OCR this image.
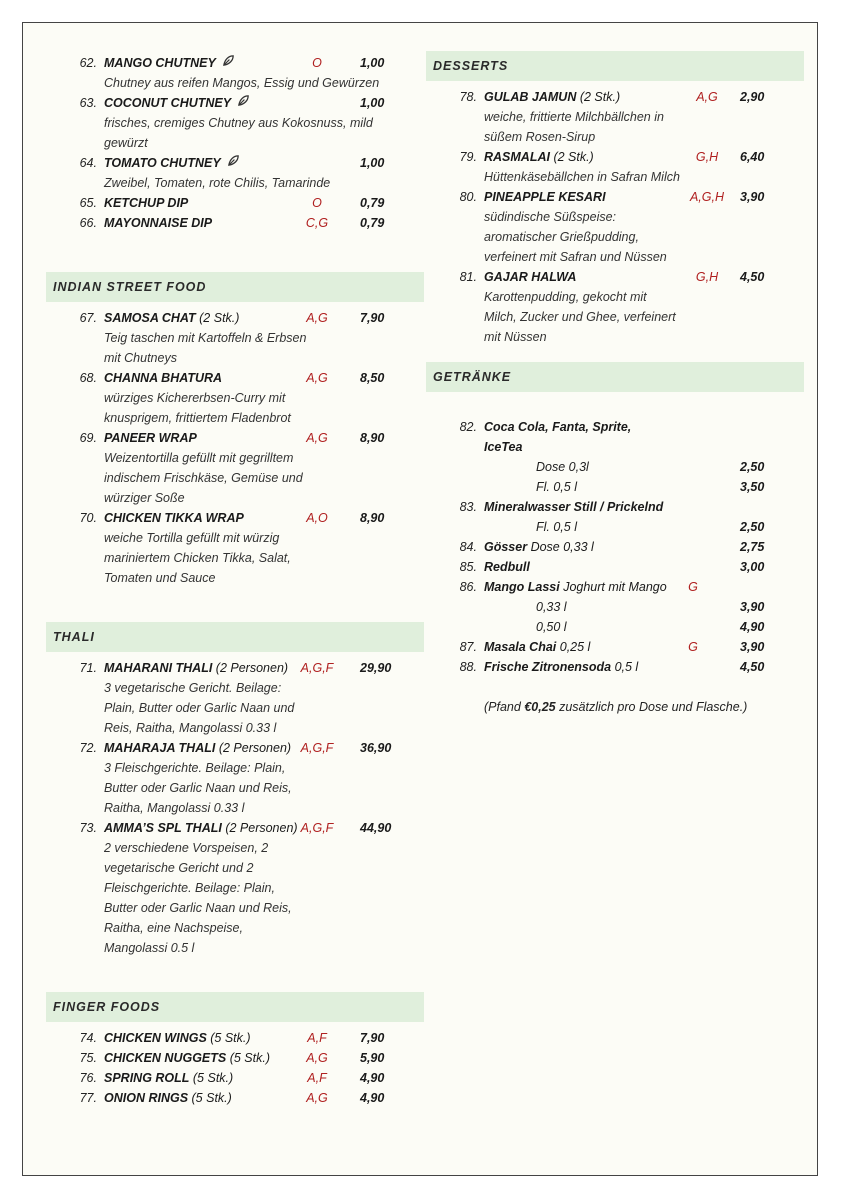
62. MANGO CHUTNEY	O	1,00
Chutney aus reifen Mangos, Essig und Gewürzen
63. COCONUT CHUTNEY	1,00
frisches, cremiges Chutney aus Kokosnuss, mild
gewürzt
64. TOMATO CHUTNEY	1,00
Zweibel, Tomaten, rote Chilis, Tamarinde
65. KETCHUP DIP	O	0,79
66. MAYONNAISE DIP	C,G	0,79
INDIAN STREET FOOD
67. SAMOSA CHAT (2 Stk.)	A,G	7,90
Teig taschen mit Kartoffeln & Erbsen
mit Chutneys
68. CHANNA BHATURA	A,G	8,50
würziges Kichererbsen-Curry mit
knusprigem, frittiertem Fladenbrot
69. PANEER WRAP	A,G	8,90
Weizentortilla gefüllt mit gegrilltem
indischem Frischkäse, Gemüse und
würziger Soße
70. CHICKEN TIKKA WRAP	A,O	8,90
weiche Tortilla gefüllt mit würzig
mariniertem Chicken Tikka, Salat,
Tomaten und Sauce
THALI
71. MAHARANI THALI (2 Personen)	A,G,F	29,90
3 vegetarische Gericht. Beilage:
Plain, Butter oder Garlic Naan und
Reis, Raitha, Mangolassi 0.33 l
72. MAHARAJA THALI (2 Personen) A,G,F	36,90
3 Fleischgerichte. Beilage: Plain,
Butter oder Garlic Naan und Reis,
Raitha, Mangolassi 0.33 l
73. AMMA’S SPL THALI (2 Personen) A,G,F	44,90
2 verschiedene Vorspeisen, 2
vegetarische Gericht und 2
Fleischgerichte. Beilage: Plain,
Butter oder Garlic Naan und Reis,
Raitha, eine Nachspeise,
Mangolassi 0.5 l
FINGER FOODS
74. CHICKEN WINGS (5 Stk.)	A,F	7,90
75. CHICKEN NUGGETS (5 Stk.)	A,G	5,90
76. SPRING ROLL (5 Stk.)	A,F	4,90
77. ONION RINGS (5 Stk.)	A,G	4,90
DESSERTS
78. GULAB JAMUN (2 Stk.)	A,G	2,90
weiche, frittierte Milchbällchen in
süßem Rosen-Sirup
79. RASMALAI (2 Stk.)	G,H	6,40
Hüttenkäsebällchen in Safran Milch
80. PINEAPPLE KESARI	A,G,H	3,90
südindische Süßspeise:
aromatischer Grießpudding,
verfeinert mit Safran und Nüssen
81. GAJAR HALWA	G,H	4,50
Karottenpudding, gekocht mit
Milch, Zucker und Ghee, verfeinert
mit Nüssen
GETRÄNKE
82. Coca Cola, Fanta, Sprite,
IceTea
Dose 0,3l	2,50
Fl. 0,5 l	3,50
83. Mineralwasser Still / Prickelnd
Fl. 0,5 l	2,50
84. Gösser Dose 0,33 l	2,75
85. Redbull	3,00
86. Mango Lassi Joghurt mit Mango	G
0,33 l	3,90
0,50 l	4,90
87. Masala Chai 0,25 l	G	3,90
88. Frische Zitronensoda 0,5 l	4,50
(Pfand €0,25 zusätzlich pro Dose und Flasche.)
